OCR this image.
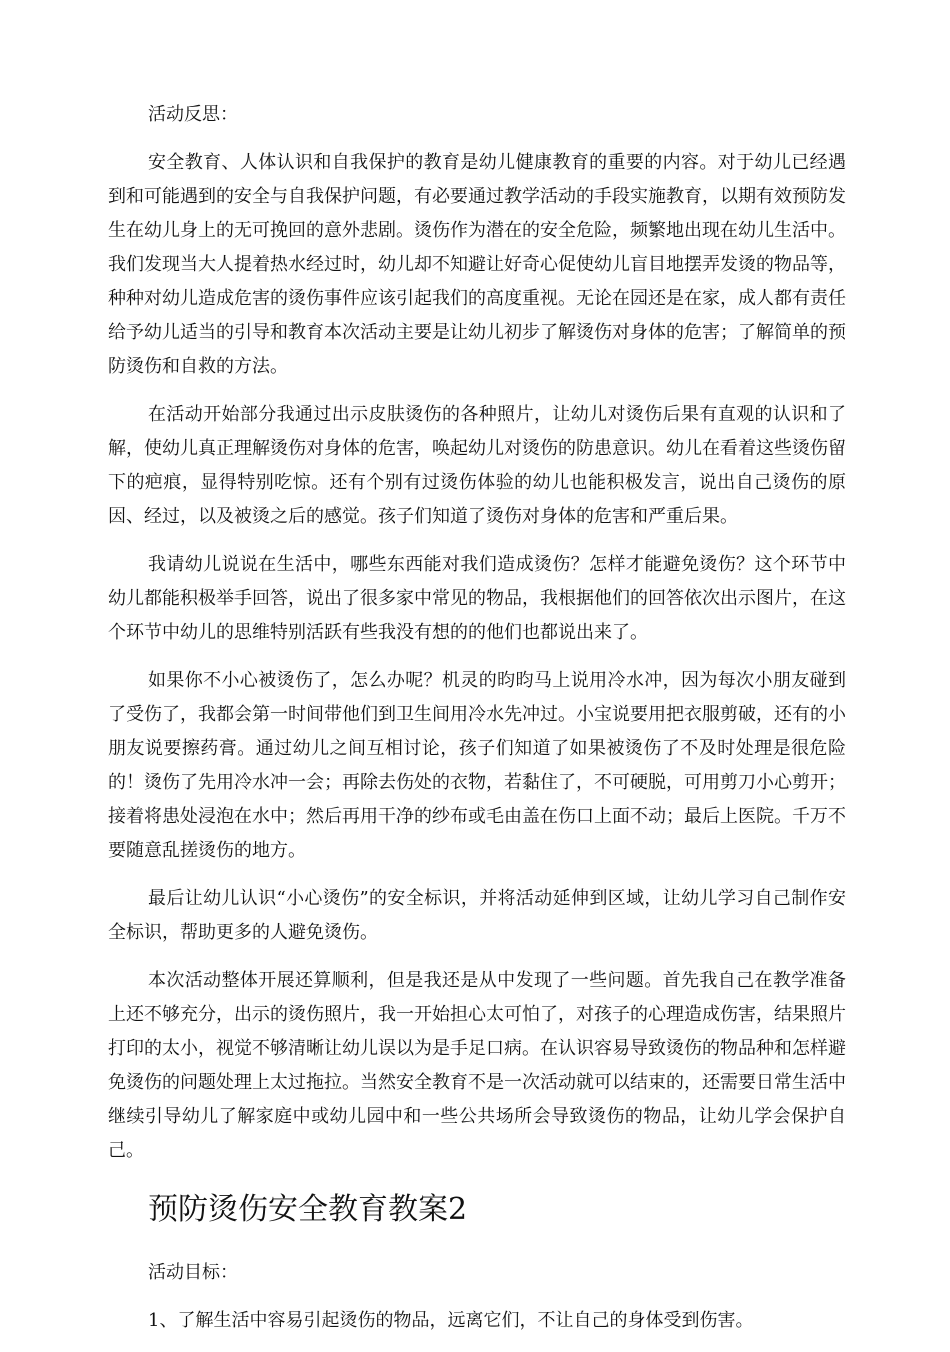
活动反思：

安全教育、人体认识和自我保护的教育是幼儿健康教育的重要的内容。对于幼儿已经遇到和可能遇到的安全与自我保护问题，有必要通过教学活动的手段实施教育，以期有效预防发生在幼儿身上的无可挽回的意外悲剧。烫伤作为潜在的安全危险，频繁地出现在幼儿生活中。我们发现当大人提着热水经过时，幼儿却不知避让好奇心促使幼儿盲目地摆弄发烫的物品等，种种对幼儿造成危害的烫伤事件应该引起我们的高度重视。无论在园还是在家，成人都有责任给予幼儿适当的引导和教育本次活动主要是让幼儿初步了解烫伤对身体的危害；了解简单的预防烫伤和自救的方法。

在活动开始部分我通过出示皮肤烫伤的各种照片，让幼儿对烫伤后果有直观的认识和了解，使幼儿真正理解烫伤对身体的危害，唤起幼儿对烫伤的防患意识。幼儿在看着这些烫伤留下的疤痕，显得特别吃惊。还有个别有过烫伤体验的幼儿也能积极发言，说出自己烫伤的原因、经过，以及被烫之后的感觉。孩子们知道了烫伤对身体的危害和严重后果。

我请幼儿说说在生活中，哪些东西能对我们造成烫伤？怎样才能避免烫伤？这个环节中幼儿都能积极举手回答，说出了很多家中常见的物品，我根据他们的回答依次出示图片，在这个环节中幼儿的思维特别活跃有些我没有想的的他们也都说出来了。

如果你不小心被烫伤了，怎么办呢？机灵的昀昀马上说用冷水冲，因为每次小朋友碰到了受伤了，我都会第一时间带他们到卫生间用冷水先冲过。小宝说要用把衣服剪破，还有的小朋友说要擦药膏。通过幼儿之间互相讨论，孩子们知道了如果被烫伤了不及时处理是很危险的！烫伤了先用冷水冲一会；再除去伤处的衣物，若黏住了，不可硬脱，可用剪刀小心剪开；接着将患处浸泡在水中；然后再用干净的纱布或毛由盖在伤口上面不动；最后上医院。千万不要随意乱搓烫伤的地方。

最后让幼儿认识“小心烫伤”的安全标识，并将活动延伸到区域，让幼儿学习自己制作安全标识，帮助更多的人避免烫伤。

本次活动整体开展还算顺利，但是我还是从中发现了一些问题。首先我自己在教学准备上还不够充分，出示的烫伤照片，我一开始担心太可怕了，对孩子的心理造成伤害，结果照片打印的太小，视觉不够清晰让幼儿误以为是手足口病。在认识容易导致烫伤的物品种和怎样避免烫伤的问题处理上太过拖拉。当然安全教育不是一次活动就可以结束的，还需要日常生活中继续引导幼儿了解家庭中或幼儿园中和一些公共场所会导致烫伤的物品，让幼儿学会保护自己。

预防烫伤安全教育教案2

活动目标：

1、了解生活中容易引起烫伤的物品，远离它们，不让自己的身体受到伤害。
